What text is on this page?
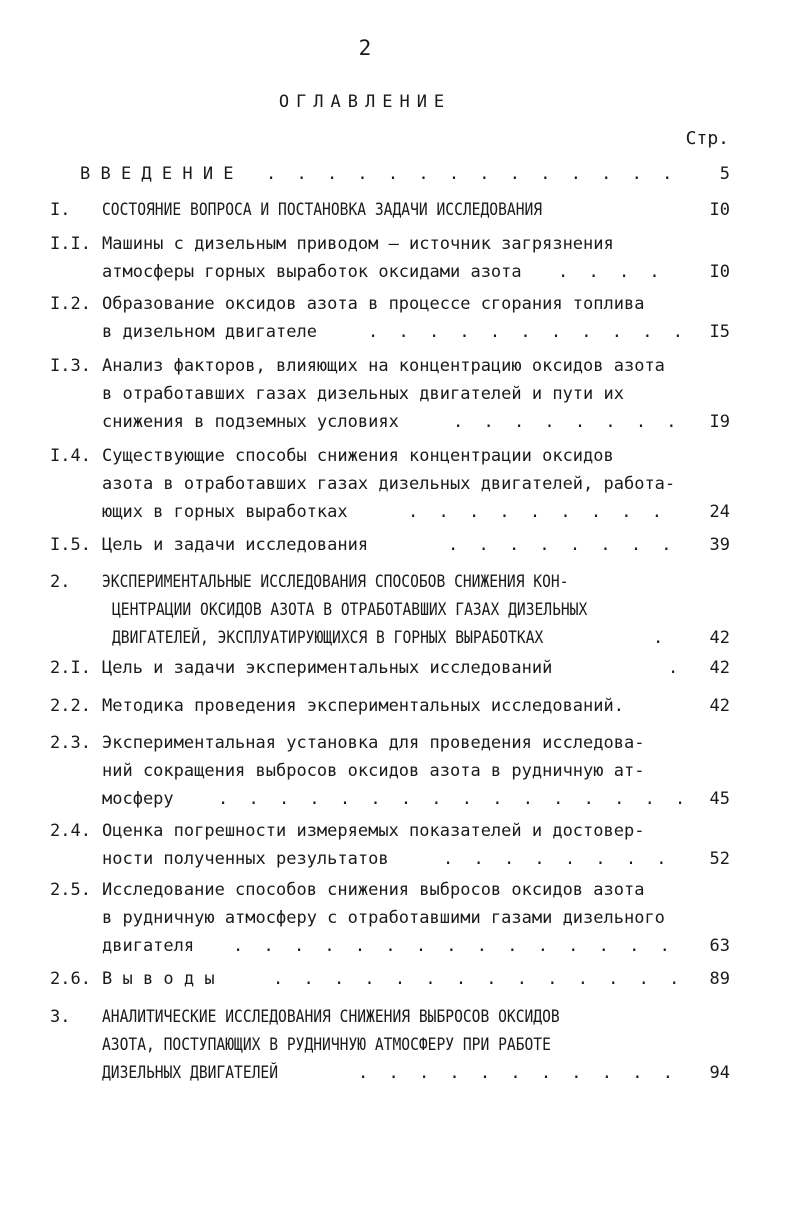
2
ОГЛАВЛЕНИЕ
Стр.
В В Е Д Е Н И Е . . .	5
I. СОСТОЯНИЕ ВОПРОСА И ПОСТАНОВКА ЗАДАЧИ ИССЛЕДОВАНИЯ	I0
I.I. Машины с дизельным приводом – источник загрязнения
атмосферы горных выработок оксидами азота . . .	I0
I.2. Образование оксидов азота в процессе сгорания топлива
в дизельном двигателе . . .	I5
I.3. Анализ факторов, влияющих на концентрацию оксидов азота
в отработавших газах дизельных двигателей и пути их
снижения в подземных условиях . . .	I9
I.4. Существующие способы снижения концентрации оксидов
азота в отработавших газах дизельных двигателей, работа-
ющих в горных выработках . . .	24
I.5. Цель и задачи исследования . . .	39
2. ЭКСПЕРИМЕНТАЛЬНЫЕ ИССЛЕДОВАНИЯ СПОСОБОВ СНИЖЕНИЯ КОН-
ЦЕНТРАЦИИ ОКСИДОВ АЗОТА В ОТРАБОТАВШИХ ГАЗАХ ДИЗЕЛЬНЫХ
ДВИГАТЕЛЕЙ, ЭКСПЛУАТИРУЮЩИХСЯ В ГОРНЫХ ВЫРАБОТКАХ . . .	42
2.I. Цель и задачи экспериментальных исследований . . .	42
2.2. Методика проведения экспериментальных исследований.	42
2.3. Экспериментальная установка для проведения исследова-
ний сокращения выбросов оксидов азота в рудничную ат-
мосферу . . .	45
2.4. Оценка погрешности измеряемых показателей и достовер-
ности полученных результатов . . .	52
2.5. Исследование способов снижения выбросов оксидов азота
в рудничную атмосферу с отработавшими газами дизельного
двигателя . . .	63
2.6. В ы в о д ы . . .	89
3. АНАЛИТИЧЕСКИЕ ИССЛЕДОВАНИЯ СНИЖЕНИЯ ВЫБРОСОВ ОКСИДОВ
АЗОТА, ПОСТУПАЮЩИХ В РУДНИЧНУЮ АТМОСФЕРУ ПРИ РАБОТЕ
ДИЗЕЛЬНЫХ ДВИГАТЕЛЕЙ . . .	94
